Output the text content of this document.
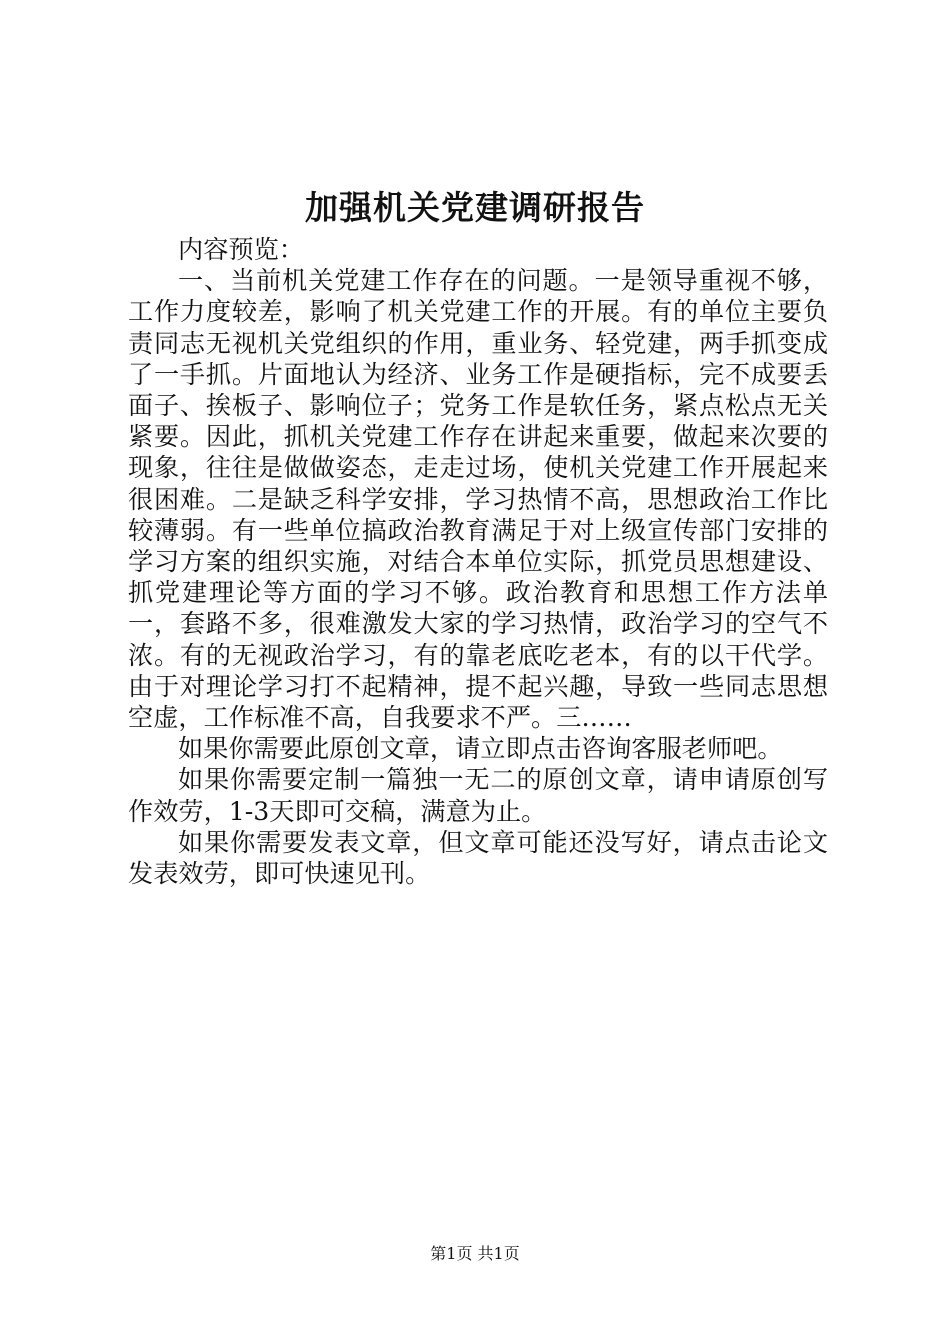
加强机关党建调研报告

内容预览：

一、当前机关党建工作存在的问题。一是领导重视不够，工作力度较差，影响了机关党建工作的开展。有的单位主要负责同志无视机关党组织的作用，重业务、轻党建，两手抓变成了一手抓。片面地认为经济、业务工作是硬指标，完不成要丢面子、挨板子、影响位子；党务工作是软任务，紧点松点无关紧要。因此，抓机关党建工作存在讲起来重要，做起来次要的现象，往往是做做姿态，走走过场，使机关党建工作开展起来很困难。二是缺乏科学安排，学习热情不高，思想政治工作比较薄弱。有一些单位搞政治教育满足于对上级宣传部门安排的学习方案的组织实施，对结合本单位实际，抓党员思想建设、抓党建理论等方面的学习不够。政治教育和思想工作方法单一，套路不多，很难激发大家的学习热情，政治学习的空气不浓。有的无视政治学习，有的靠老底吃老本，有的以干代学。由于对理论学习打不起精神，提不起兴趣，导致一些同志思想空虚，工作标准不高，自我要求不严。三……

如果你需要此原创文章，请立即点击咨询客服老师吧。

如果你需要定制一篇独一无二的原创文章，请申请原创写作效劳，1-3天即可交稿，满意为止。

如果你需要发表文章，但文章可能还没写好，请点击论文发表效劳，即可快速见刊。

第1页 共1页
